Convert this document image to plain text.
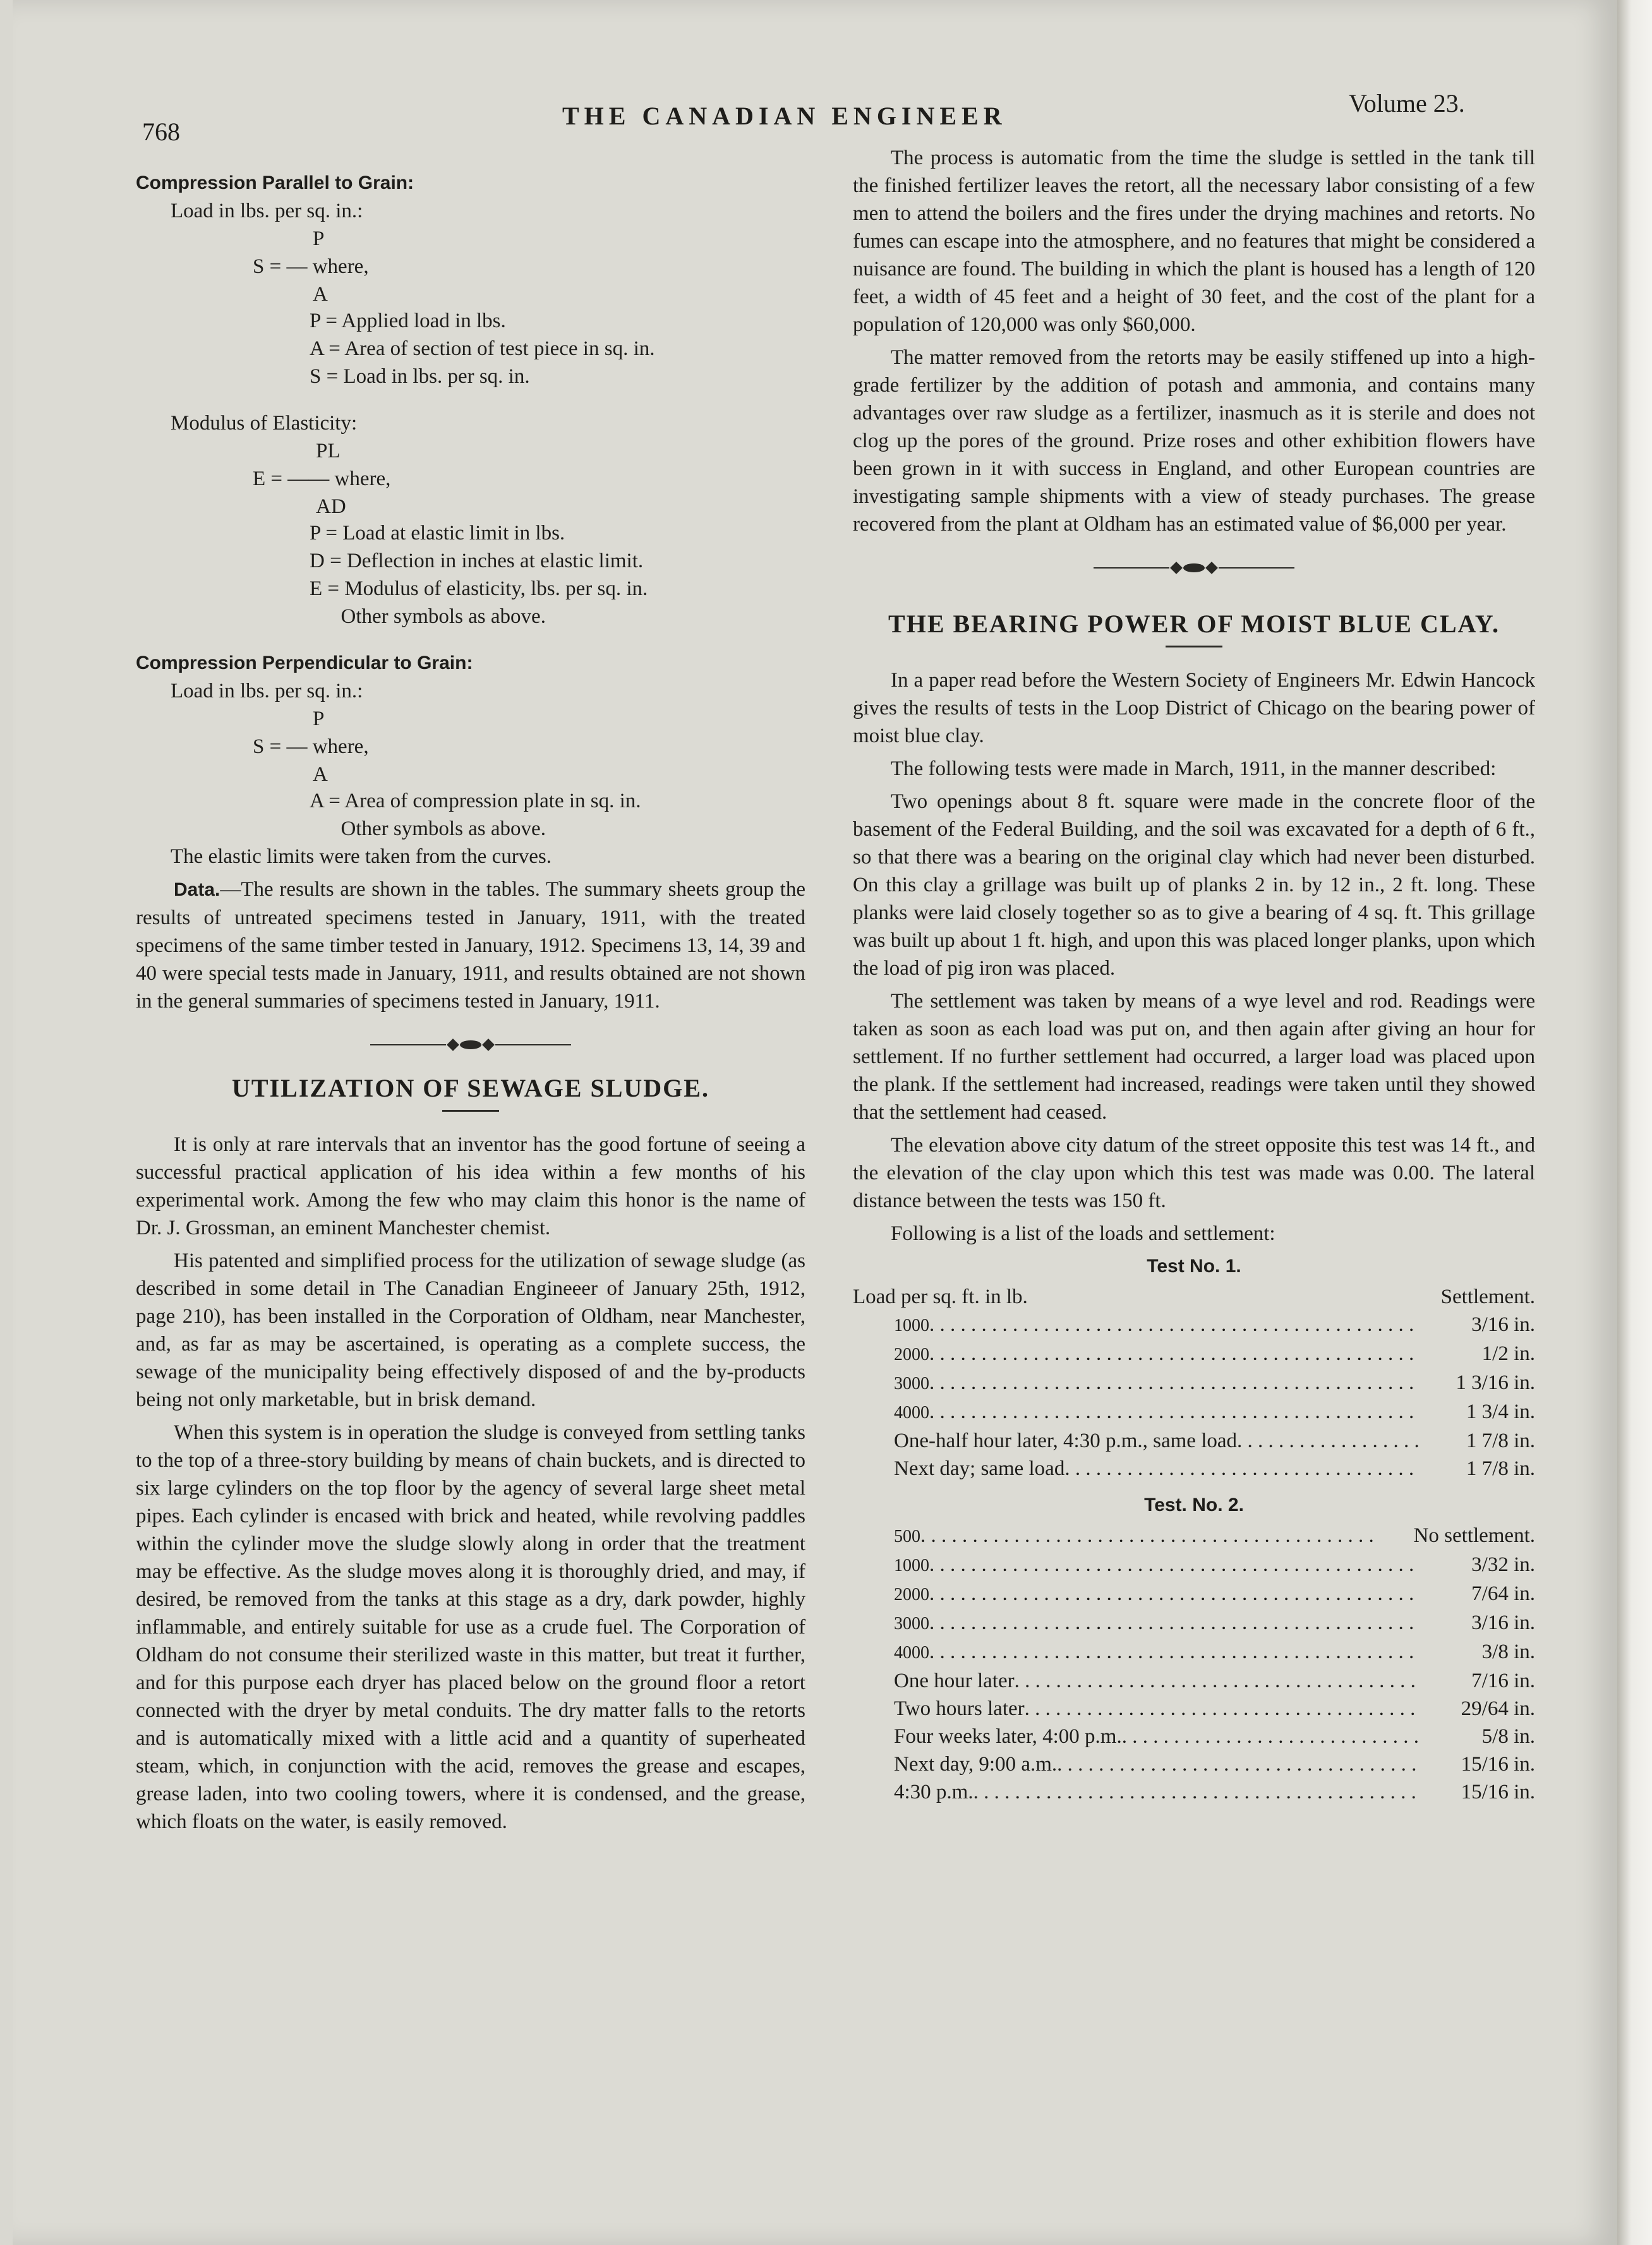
768
THE CANADIAN ENGINEER	Volume 23.

Compression Parallel to Grain:

Load in lbs. per sq. in.:

P
S = — where,
A

P = Applied load in lbs.

A = Area of section of test piece in sq. in.

S = Load in lbs. per sq. in.

Modulus of Elasticity:

PL
E = —— where,
AD

P = Load at elastic limit in lbs.

D = Deflection in inches at elastic limit.

E = Modulus of elasticity, lbs. per sq. in.

Other symbols as above.

Compression Perpendicular to Grain:

Load in lbs. per sq. in.:

P
S = — where,
A

A = Area of compression plate in sq. in.

Other symbols as above.

The elastic limits were taken from the curves.

Data.—The results are shown in the tables. The summary sheets group the results of untreated specimens tested in January, 1911, with the treated specimens of the same timber tested in January, 1912. Specimens 13, 14, 39 and 40 were special tests made in January, 1911, and results obtained are not shown in the general summaries of specimens tested in January, 1911.

UTILIZATION OF SEWAGE SLUDGE.

It is only at rare intervals that an inventor has the good fortune of seeing a successful practical application of his idea within a few months of his experimental work. Among the few who may claim this honor is the name of Dr. J. Grossman, an eminent Manchester chemist.

His patented and simplified process for the utilization of sewage sludge (as described in some detail in The Canadian Engineeer of January 25th, 1912, page 210), has been installed in the Corporation of Oldham, near Manchester, and, as far as may be ascertained, is operating as a complete success, the sewage of the municipality being effectively disposed of and the by-products being not only marketable, but in brisk demand.

When this system is in operation the sludge is conveyed from settling tanks to the top of a three-story building by means of chain buckets, and is directed to six large cylinders on the top floor by the agency of several large sheet metal pipes. Each cylinder is encased with brick and heated, while revolving paddles within the cylinder move the sludge slowly along in order that the treatment may be effective. As the sludge moves along it is thoroughly dried, and may, if desired, be removed from the tanks at this stage as a dry, dark powder, highly inflammable, and entirely suitable for use as a crude fuel. The Corporation of Oldham do not consume their sterilized waste in this matter, but treat it further, and for this purpose each dryer has placed below on the ground floor a retort connected with the dryer by metal conduits. The dry matter falls to the retorts and is automatically mixed with a little acid and a quantity of superheated steam, which, in conjunction with the acid, removes the grease and escapes, grease laden, into two cooling towers, where it is condensed, and the grease, which floats on the water, is easily removed.

The process is automatic from the time the sludge is settled in the tank till the finished fertilizer leaves the retort, all the necessary labor consisting of a few men to attend the boilers and the fires under the drying machines and retorts. No fumes can escape into the atmosphere, and no features that might be considered a nuisance are found. The building in which the plant is housed has a length of 120 feet, a width of 45 feet and a height of 30 feet, and the cost of the plant for a population of 120,000 was only $60,000.

The matter removed from the retorts may be easily stiffened up into a high-grade fertilizer by the addition of potash and ammonia, and contains many advantages over raw sludge as a fertilizer, inasmuch as it is sterile and does not clog up the pores of the ground. Prize roses and other exhibition flowers have been grown in it with success in England, and other European countries are investigating sample shipments with a view of steady purchases. The grease recovered from the plant at Oldham has an estimated value of $6,000 per year.

THE BEARING POWER OF MOIST BLUE CLAY.

In a paper read before the Western Society of Engineers Mr. Edwin Hancock gives the results of tests in the Loop District of Chicago on the bearing power of moist blue clay.

The following tests were made in March, 1911, in the manner described:

Two openings about 8 ft. square were made in the concrete floor of the basement of the Federal Building, and the soil was excavated for a depth of 6 ft., so that there was a bearing on the original clay which had never been disturbed. On this clay a grillage was built up of planks 2 in. by 12 in., 2 ft. long. These planks were laid closely together so as to give a bearing of 4 sq. ft. This grillage was built up about 1 ft. high, and upon this was placed longer planks, upon which the load of pig iron was placed.

The settlement was taken by means of a wye level and rod. Readings were taken as soon as each load was put on, and then again after giving an hour for settlement. If no further settlement had occurred, a larger load was placed upon the plank. If the settlement had increased, readings were taken until they showed that the settlement had ceased.

The elevation above city datum of the street opposite this test was 14 ft., and the elevation of the clay upon which this test was made was 0.00. The lateral distance between the tests was 150 ft.

Following is a list of the loads and settlement:

Test No. 1.
Load per sq. ft. in lb.	Settlement.
1000 . . .	3/16 in.
2000 . . .	1/2 in.
3000 . . .	1 3/16 in.
4000 . . .	1 3/4 in.
One-half hour later, 4:30 p.m., same load . . .	1 7/8 in.
Next day; same load . . .	1 7/8 in.
Test. No. 2.
500 . . .	No settlement.
1000 . . .	3/32 in.
2000 . . .	7/64 in.
3000 . . .	3/16 in.
4000 . . .	3/8 in.
One hour later . . .	7/16 in.
Two hours later . . .	29/64 in.
Four weeks later, 4:00 p.m. . . .	5/8 in.
Next day, 9:00 a.m. . . .	15/16 in.
4:30 p.m. . . .	15/16 in.
